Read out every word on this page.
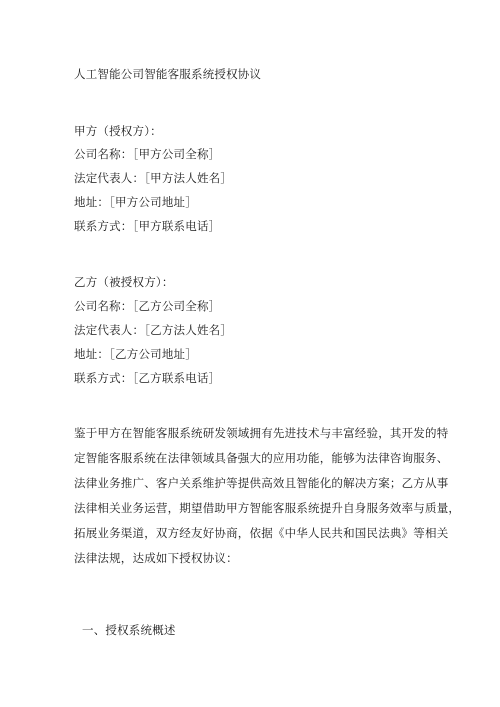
人工智能公司智能客服系统授权协议
甲方（授权方）：
公司名称：［甲方公司全称］
法定代表人：［甲方法人姓名］
地址：［甲方公司地址］
联系方式：［甲方联系电话］
乙方（被授权方）：
公司名称：［乙方公司全称］
法定代表人：［乙方法人姓名］
地址：［乙方公司地址］
联系方式：［乙方联系电话］
鉴于甲方在智能客服系统研发领域拥有先进技术与丰富经验，其开发的特
定智能客服系统在法律领域具备强大的应用功能，能够为法律咨询服务、
法律业务推广、客户关系维护等提供高效且智能化的解决方案；乙方从事
法律相关业务运营，期望借助甲方智能客服系统提升自身服务效率与质量，
拓展业务渠道，双方经友好协商，依据《中华人民共和国民法典》等相关
法律法规，达成如下授权协议：
一、授权系统概述
